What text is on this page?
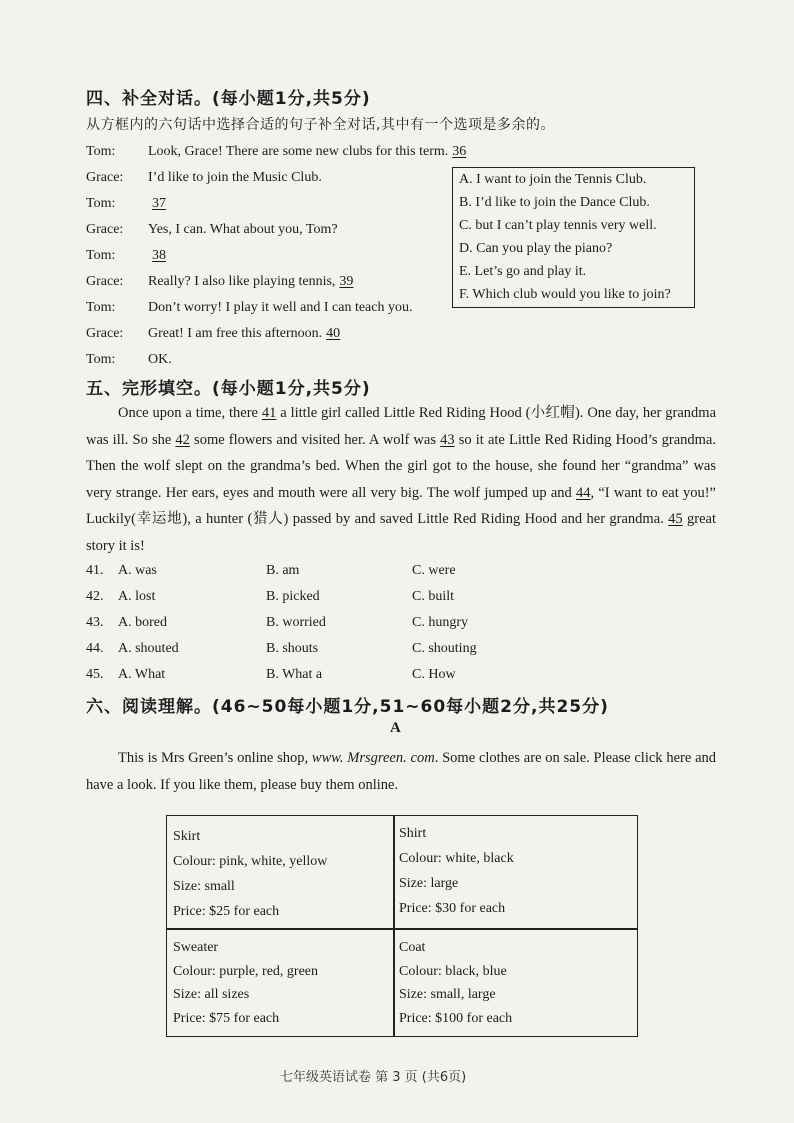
四、补全对话。(每小题1分,共5分)
从方框内的六句话中选择合适的句子补全对话,其中有一个选项是多余的。
Tom:	Look, Grace! There are some new clubs for this term. 36
Grace:	I’d like to join the Music Club.
Tom:	37
Grace:	Yes, I can. What about you, Tom?
Tom:	38
Grace:	Really? I also like playing tennis, 39
Tom:	Don’t worry! I play it well and I can teach you.
Grace:	Great! I am free this afternoon. 40
Tom:	OK.
A. I want to join the Tennis Club.
B. I’d like to join the Dance Club.
C. but I can’t play tennis very well.
D. Can you play the piano?
E. Let’s go and play it.
F. Which club would you like to join?
五、完形填空。(每小题1分,共5分)
Once upon a time, there 41 a little girl called Little Red Riding Hood (小红帽). One day, her grandma was ill. So she 42 some flowers and visited her. A wolf was 43 so it ate Little Red Riding Hood’s grandma. Then the wolf slept on the grandma’s bed. When the girl got to the house, she found her “grandma” was very strange. Her ears, eyes and mouth were all very big. The wolf jumped up and 44, “I want to eat you!” Luckily(幸运地), a hunter (猎人) passed by and saved Little Red Riding Hood and her grandma. 45 great story it is!
41. A. was	B. am	C. were
42. A. lost	B. picked	C. built
43. A. bored	B. worried	C. hungry
44. A. shouted	B. shouts	C. shouting
45. A. What	B. What a	C. How
六、阅读理解。(46~50每小题1分,51~60每小题2分,共25分)
A
This is Mrs Green’s online shop, www. Mrsgreen. com. Some clothes are on sale. Please click here and have a look. If you like them, please buy them online.
Skirt
Colour: pink, white, yellow
Size: small
Price: $25 for each
Shirt
Colour: white, black
Size: large
Price: $30 for each
Sweater
Colour: purple, red, green
Size: all sizes
Price: $75 for each
Coat
Colour: black, blue
Size: small, large
Price: $100 for each
七年级英语试卷 第 3 页 (共6页)
